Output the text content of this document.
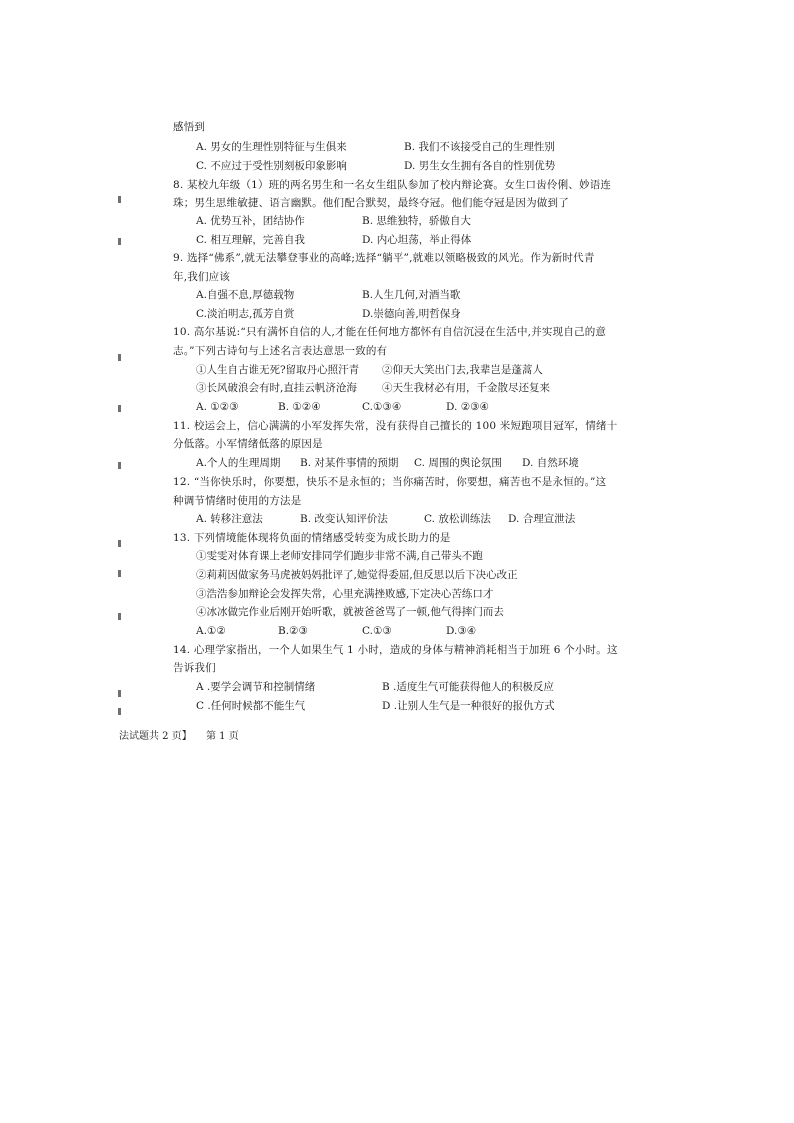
感悟到
A. 男女的生理性别特征与生俱来	B. 我们不该接受自己的生理性别
C. 不应过于受性别刻板印象影响	D. 男生女生拥有各自的性别优势
8. 某校九年级（1）班的两名男生和一名女生组队参加了校内辩论赛。女生口齿伶俐、妙语连
珠；男生思维敏捷、语言幽默。他们配合默契，最终夺冠。他们能夺冠是因为做到了
A. 优势互补，团结协作	B. 思维独特，骄傲自大
C. 相互理解，完善自我	D. 内心坦荡，举止得体
9. 选择“佛系”,就无法攀登事业的高峰;选择“躺平”,就难以领略极致的风光。作为新时代青
年,我们应该
A.自强不息,厚德载物	B.人生几何,对酒当歌
C.淡泊明志,孤芳自赏	D.崇德向善,明哲保身
10. 高尔基说:“只有满怀自信的人,才能在任何地方都怀有自信沉浸在生活中,并实现自己的意
志。”下列古诗句与上述名言表达意思一致的有
①人生自古谁无死?留取丹心照汗青 ②仰天大笑出门去,我辈岂是蓬蒿人
③长风破浪会有时,直挂云帆济沧海 ④天生我材必有用，千金散尽还复来
A. ①②③	B. ①②④	C.①③④	D. ②③④
11. 校运会上，信心满满的小军发挥失常，没有获得自己擅长的 100 米短跑项目冠军，情绪十
分低落。小军情绪低落的原因是
A.个人的生理周期 B. 对某件事情的预期 C. 周围的舆论氛围 D. 自然环境
12. “当你快乐时，你要想，快乐不是永恒的；当你痛苦时，你要想，痛苦也不是永恒的。”这
种调节情绪时使用的方法是
A. 转移注意法	B. 改变认知评价法	C. 放松训练法 D. 合理宣泄法
13. 下列情境能体现将负面的情绪感受转变为成长助力的是
①雯雯对体育课上老师安排同学们跑步非常不满,自己带头不跑
②莉莉因做家务马虎被妈妈批评了,她觉得委屈,但反思以后下决心改正
③浩浩参加辩论会发挥失常，心里充满挫败感,下定决心苦练口才
④冰冰做完作业后刚开始听歌，就被爸爸骂了一顿,他气得摔门而去
A.①②	B.②③	C.①③	D.③④
14. 心理学家指出，一个人如果生气 1 小时，造成的身体与精神消耗相当于加班 6 个小时。这
告诉我们
A .要学会调节和控制情绪	B .适度生气可能获得他人的积极反应
C .任何时候都不能生气	D .让别人生气是一种很好的报仇方式
法试题共 2 页】 第 1 页
